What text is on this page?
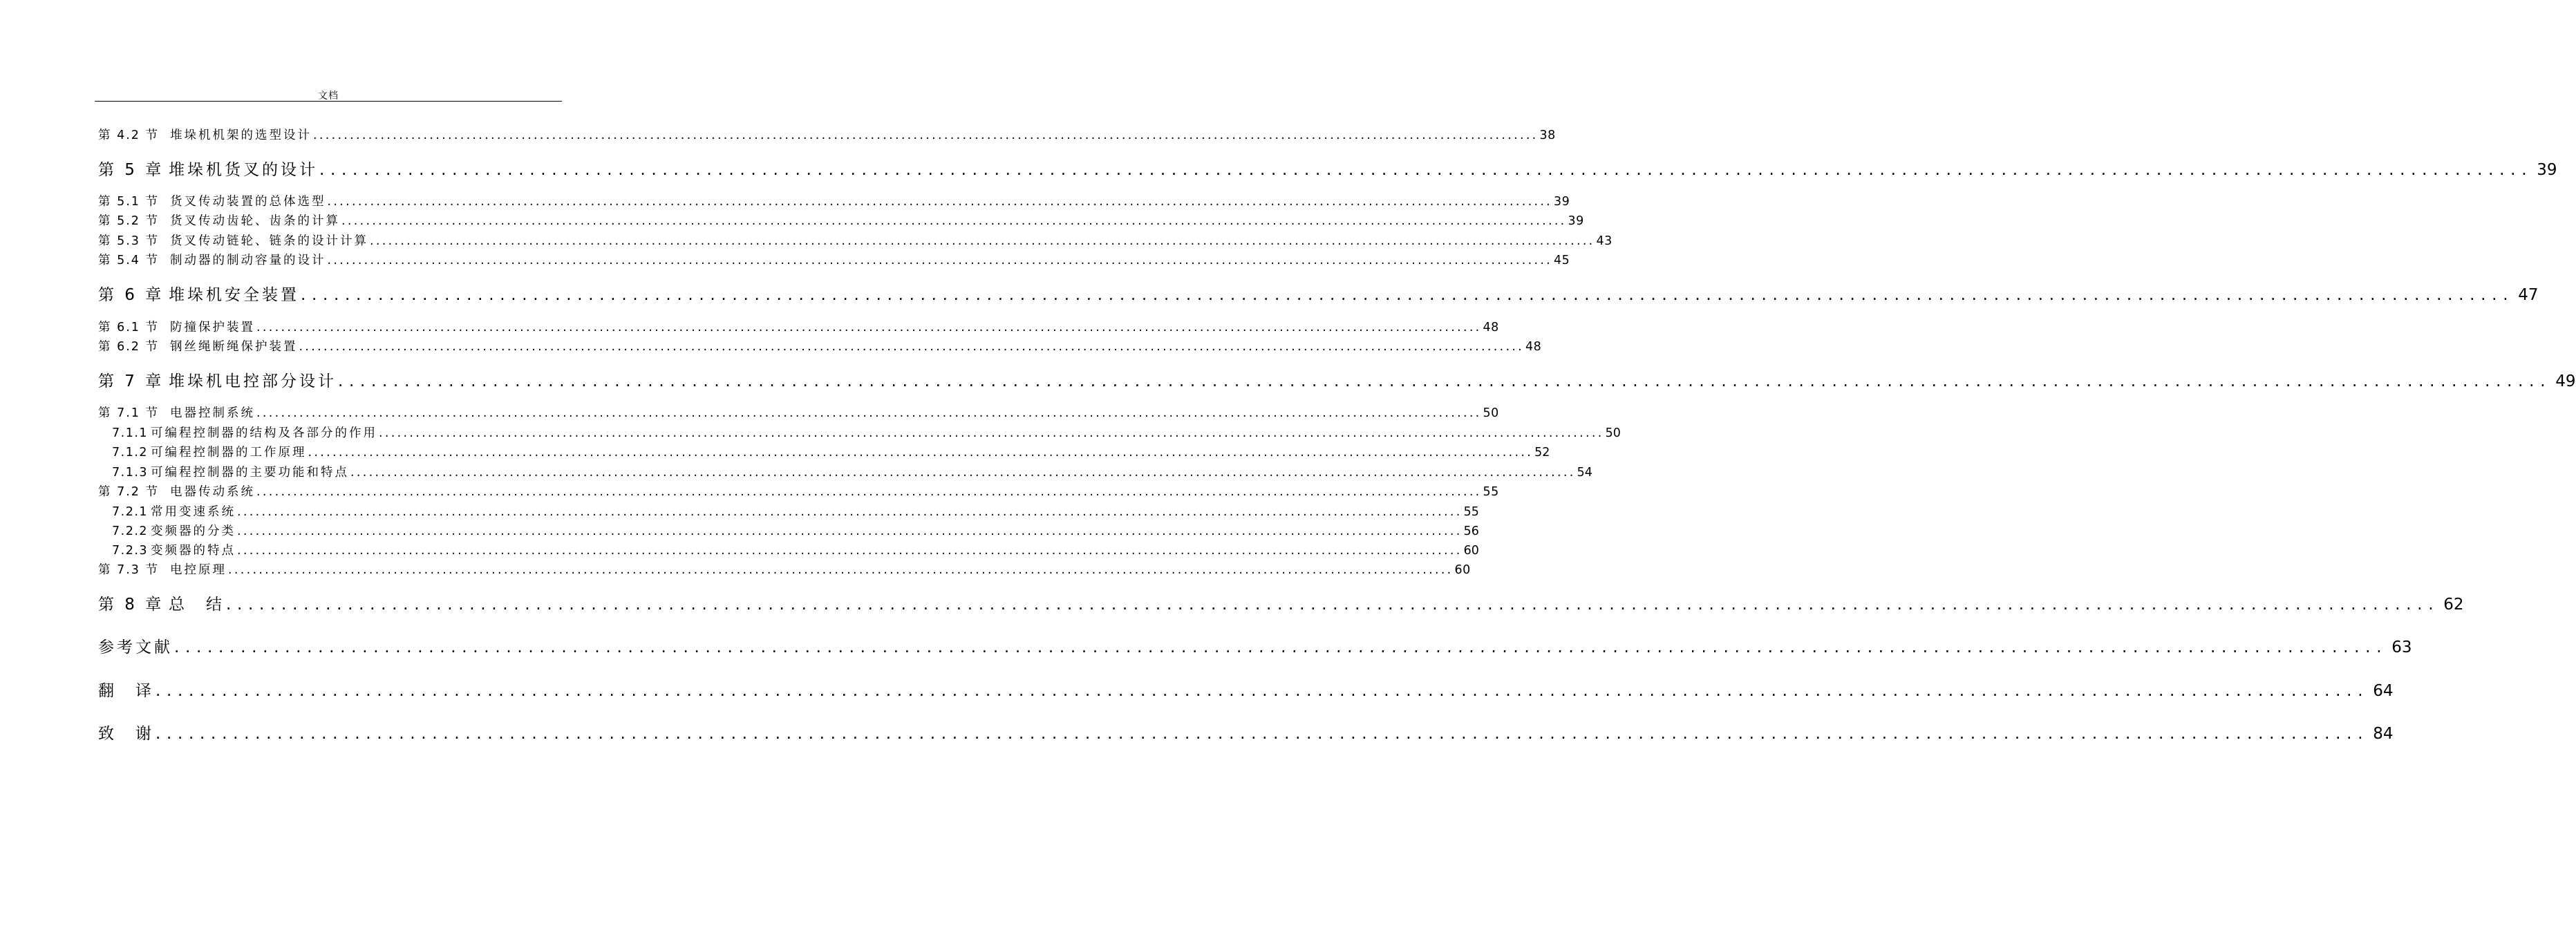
文档
第 4.2 节 堆垛机机架的选型设计 ........................................................................................................................................................................................................ 38
第 5 章 堆垛机货叉的设计 ........................................................................................................................................................................................................ 39
第 5.1 节 货叉传动装置的总体选型 ........................................................................................................................................................................................................ 39
第 5.2 节 货叉传动齿轮、齿条的计算 ........................................................................................................................................................................................................ 39
第 5.3 节 货叉传动链轮、链条的设计计算 ........................................................................................................................................................................................................ 43
第 5.4 节 制动器的制动容量的设计 ........................................................................................................................................................................................................ 45
第 6 章 堆垛机安全装置 ........................................................................................................................................................................................................ 47
第 6.1 节 防撞保护装置 ........................................................................................................................................................................................................ 48
第 6.2 节 钢丝绳断绳保护装置 ........................................................................................................................................................................................................ 48
第 7 章 堆垛机电控部分设计 ........................................................................................................................................................................................................ 49
第 7.1 节 电器控制系统 ........................................................................................................................................................................................................ 50
7.1.1 可编程控制器的结构及各部分的作用 ........................................................................................................................................................................................................ 50
7.1.2 可编程控制器的工作原理 ........................................................................................................................................................................................................ 52
7.1.3 可编程控制器的主要功能和特点 ........................................................................................................................................................................................................ 54
第 7.2 节 电器传动系统 ........................................................................................................................................................................................................ 55
7.2.1 常用变速系统 ........................................................................................................................................................................................................ 55
7.2.2 变频器的分类 ........................................................................................................................................................................................................ 56
7.2.3 变频器的特点 ........................................................................................................................................................................................................ 60
第 7.3 节 电控原理 ........................................................................................................................................................................................................ 60
第 8 章 总　结 ........................................................................................................................................................................................................ 62
参考文献 ........................................................................................................................................................................................................ 63
翻　译 ........................................................................................................................................................................................................ 64
致　谢 ........................................................................................................................................................................................................ 84
